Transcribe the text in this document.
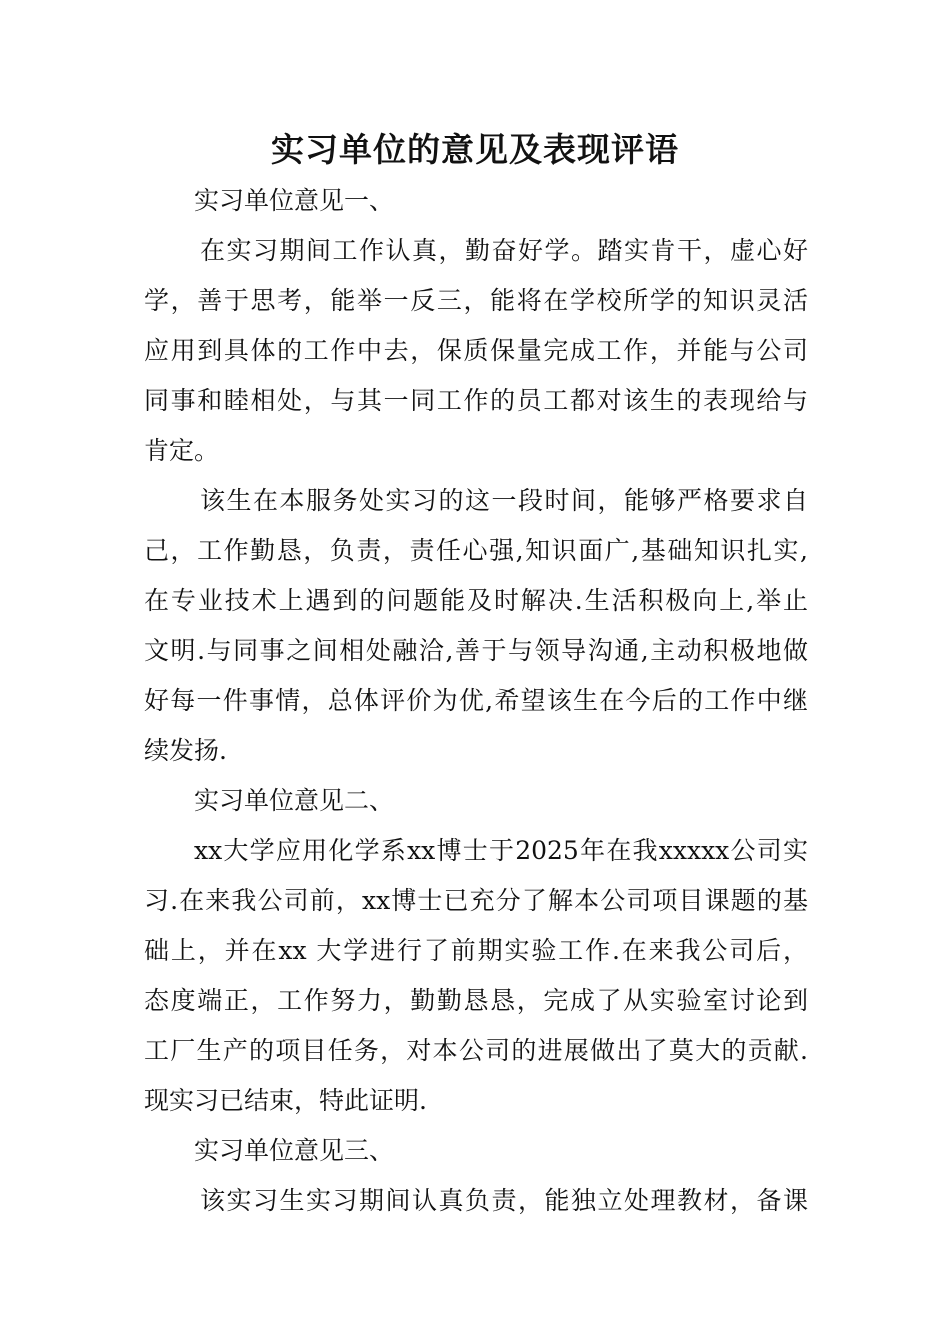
实习单位的意见及表现评语

实习单位意见一、

在实习期间工作认真，勤奋好学。踏实肯干，虚心好

学，善于思考，能举一反三，能将在学校所学的知识灵活

应用到具体的工作中去，保质保量完成工作，并能与公司

同事和睦相处，与其一同工作的员工都对该生的表现给与

肯定。

该生在本服务处实习的这一段时间，能够严格要求自

己，工作勤恳，负责，责任心强,知识面广,基础知识扎实,

在专业技术上遇到的问题能及时解决.生活积极向上,举止

文明.与同事之间相处融洽,善于与领导沟通,主动积极地做

好每一件事情，总体评价为优,希望该生在今后的工作中继

续发扬.

实习单位意见二、

xx大学应用化学系xx博士于2025年在我xxxxx公司实

习.在来我公司前，xx博士已充分了解本公司项目课题的基

础上，并在xx 大学进行了前期实验工作.在来我公司后，

态度端正，工作努力，勤勤恳恳，完成了从实验室讨论到

工厂生产的项目任务，对本公司的进展做出了莫大的贡献.

现实习已结束，特此证明.

实习单位意见三、

该实习生实习期间认真负责，能独立处理教材，备课
